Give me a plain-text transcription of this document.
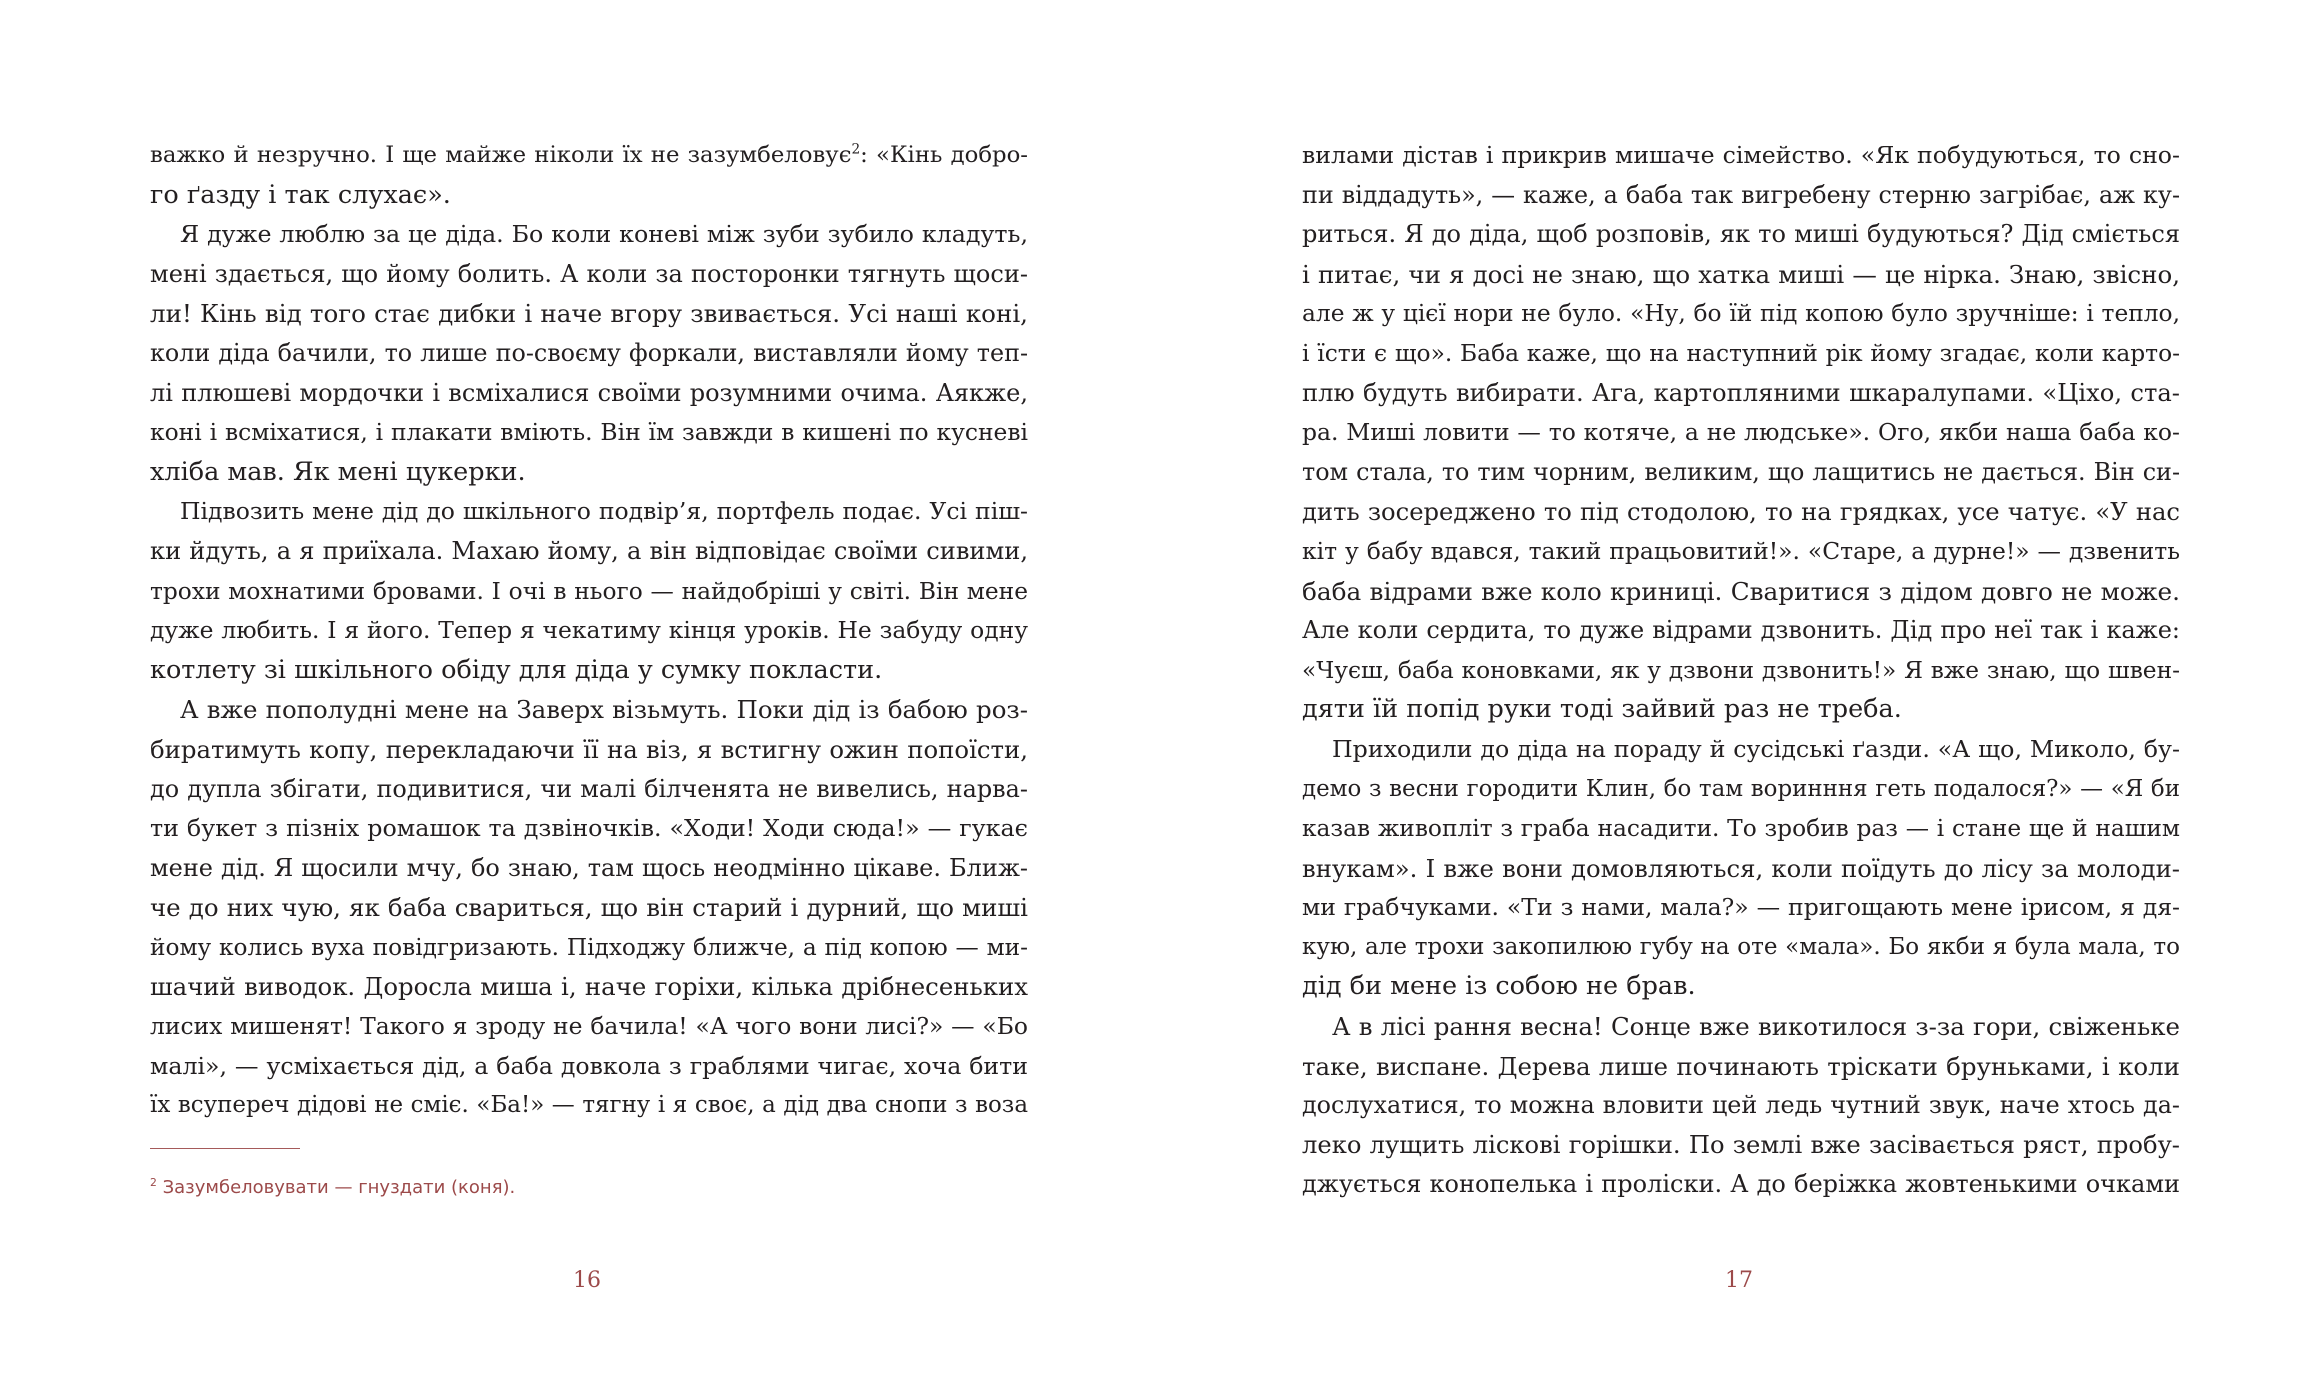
важко й незручно. І ще майже ніколи їх не зазумбеловує$^2$: «Кінь добро-
го ґазду і так слухає».
Я дуже люблю за це діда. Бо коли коневі між зуби зубило кладуть,
мені здається, що йому болить. А коли за посторонки тягнуть щоси-
ли! Кінь від того стає дибки і наче вгору звивається. Усі наші коні,
коли діда бачили, то лише по-своєму форкали, виставляли йому теп-
лі плюшеві мордочки і всміхалися своїми розумними очима. Аякже,
коні і всміхатися, і плакати вміють. Він їм завжди в кишені по кусневі
хліба мав. Як мені цукерки.
Підвозить мене дід до шкільного подвір’я, портфель подає. Усі піш-
ки йдуть, а я приїхала. Махаю йому, а він відповідає своїми сивими,
трохи мохнатими бровами. І очі в нього — найдобріші у світі. Він мене
дуже любить. І я його. Тепер я чекатиму кінця уроків. Не забуду одну
котлету зі шкільного обіду для діда у сумку покласти.
А вже пополудні мене на Заверх візьмуть. Поки дід із бабою роз-
биратимуть копу, перекладаючи її на віз, я встигну ожин попоїсти,
до дупла збігати, подивитися, чи малі білченята не вивелись, нарва-
ти букет з пізніх ромашок та дзвіночків. «Ходи! Ходи сюда!» — гукає
мене дід. Я щосили мчу, бо знаю, там щось неодмінно цікаве. Ближ-
че до них чую, як баба свариться, що він старий і дурний, що миші
йому колись вуха повідгризають. Підходжу ближче, а під копою — ми-
шачий виводок. Доросла миша і, наче горіхи, кілька дрібнесеньких
лисих мишенят! Такого я зроду не бачила! «А чого вони лисі?» — «Бо
малі», — усміхається дід, а баба довкола з граблями чигає, хоча бити
їх всупереч дідові не сміє. «Ба!» — тягну і я своє, а дід два снопи з воза
$^2$ Зазумбеловувати — гнуздати (коня).
16
вилами дістав і прикрив мишаче сімейство. «Як побудуються, то сно-
пи віддадуть», — каже, а баба так вигребену стерню загрібає, аж ку-
риться. Я до діда, щоб розповів, як то миші будуються? Дід сміється
і питає, чи я досі не знаю, що хатка миші — це нірка. Знаю, звісно,
але ж у цієї нори не було. «Ну, бо їй під копою було зручніше: і тепло,
і їсти є що». Баба каже, що на наступний рік йому згадає, коли карто-
плю будуть вибирати. Ага, картопляними шкаралупами. «Ціхо, ста-
ра. Миші ловити — то котяче, а не людське». Ого, якби наша баба ко-
том стала, то тим чорним, великим, що лащитись не дається. Він си-
дить зосереджено то під стодолою, то на грядках, усе чатує. «У нас
кіт у бабу вдався, такий працьовитий!». «Старе, а дурне!» — дзвенить
баба відрами вже коло криниці. Сваритися з дідом довго не може.
Але коли сердита, то дуже відрами дзвонить. Дід про неї так і каже:
«Чуєш, баба коновками, як у дзвони дзвонить!» Я вже знаю, що швен-
дяти їй попід руки тоді зайвий раз не треба.
Приходили до діда на пораду й сусідські ґазди. «А що, Миколо, бу-
демо з весни городити Клин, бо там воринння геть подалося?» — «Я би
казав живопліт з граба насадити. То зробив раз — і стане ще й нашим
внукам». І вже вони домовляються, коли поїдуть до лісу за молоди-
ми грабчуками. «Ти з нами, мала?» — пригощають мене ірисом, я дя-
кую, але трохи закопилюю губу на оте «мала». Бо якби я була мала, то
дід би мене із собою не брав.
А в лісі рання весна! Сонце вже викотилося з-за гори, свіженьке
таке, виспане. Дерева лише починають тріскати бруньками, і коли
дослухатися, то можна вловити цей ледь чутний звук, наче хтось да-
леко лущить ліскові горішки. По землі вже засівається ряст, пробу-
джується конопелька і проліски. А до беріжка жовтенькими очками
17
